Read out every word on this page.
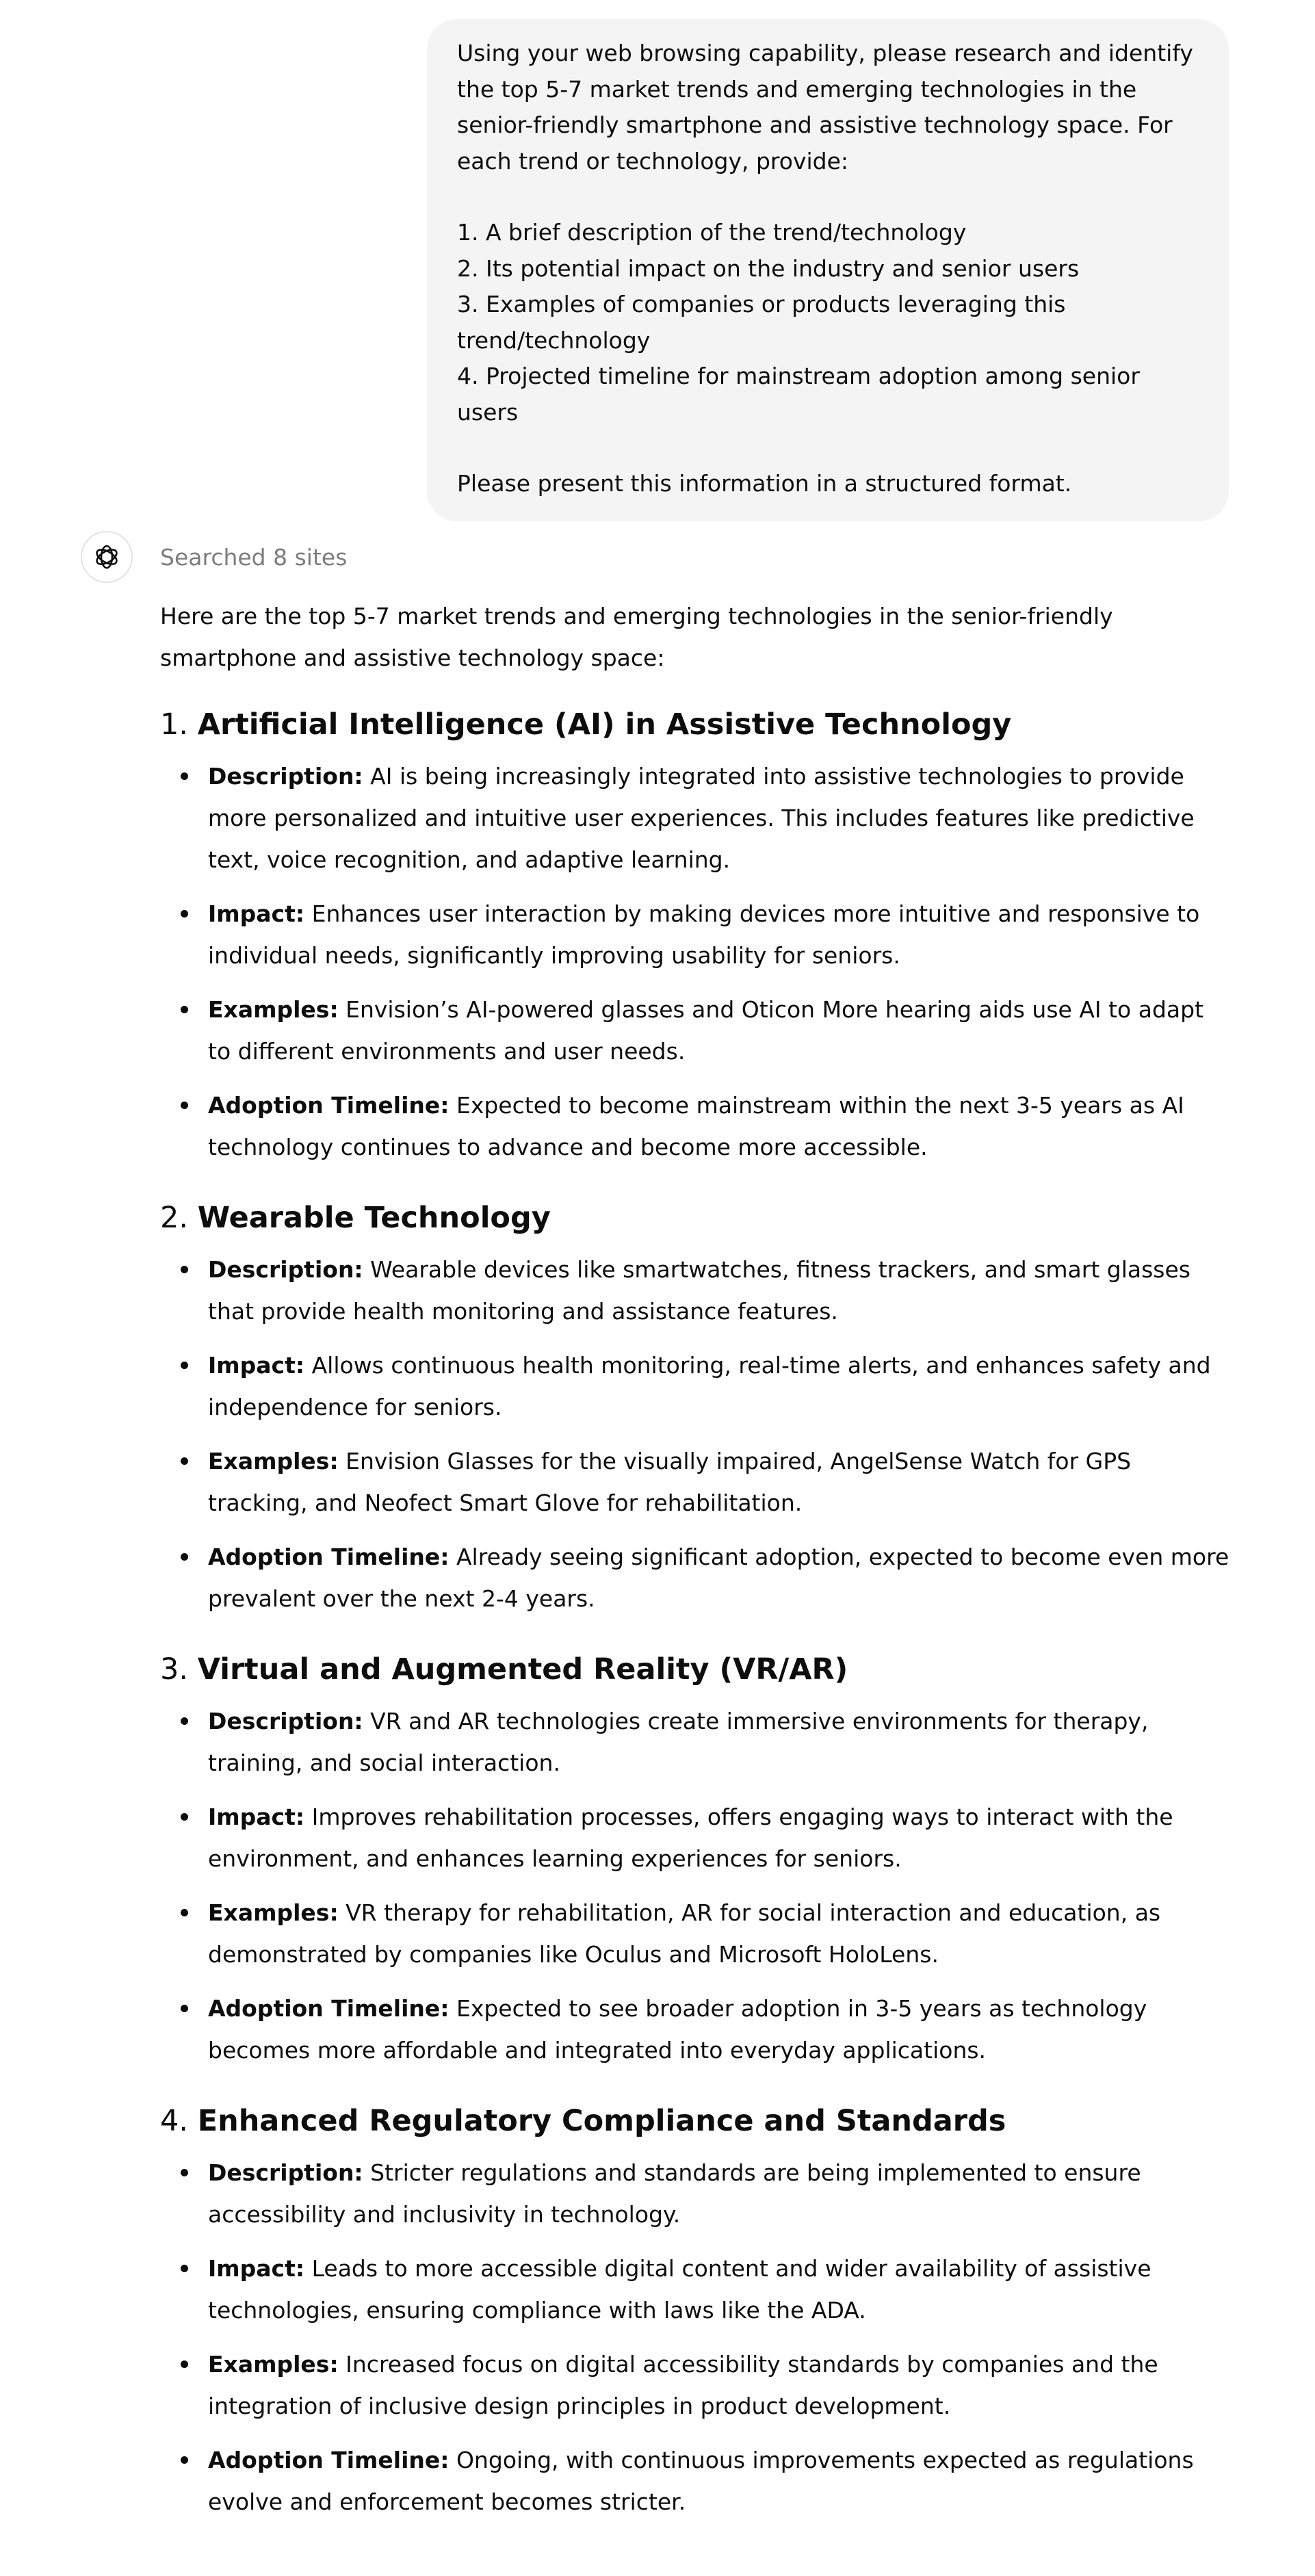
Using your web browsing capability, please research and identify the top 5-7 market trends and emerging technologies in the senior-friendly smartphone and assistive technology space. For each trend or technology, provide:

1. A brief description of the trend/technology

2. Its potential impact on the industry and senior users

3. Examples of companies or products leveraging this trend/technology

4. Projected timeline for mainstream adoption among senior users

Please present this information in a structured format.

Searched 8 sites

Here are the top 5-7 market trends and emerging technologies in the senior-friendly smartphone and assistive technology space:

1. Artificial Intelligence (AI) in Assistive Technology
Description: AI is being increasingly integrated into assistive technologies to provide more personalized and intuitive user experiences. This includes features like predictive text, voice recognition, and adaptive learning.
Impact: Enhances user interaction by making devices more intuitive and responsive to individual needs, significantly improving usability for seniors.
Examples: Envision’s AI-powered glasses and Oticon More hearing aids use AI to adapt to different environments and user needs.
Adoption Timeline: Expected to become mainstream within the next 3-5 years as AI technology continues to advance and become more accessible.
2. Wearable Technology
Description: Wearable devices like smartwatches, fitness trackers, and smart glasses that provide health monitoring and assistance features.
Impact: Allows continuous health monitoring, real-time alerts, and enhances safety and independence for seniors.
Examples: Envision Glasses for the visually impaired, AngelSense Watch for GPS tracking, and Neofect Smart Glove for rehabilitation.
Adoption Timeline: Already seeing significant adoption, expected to become even more prevalent over the next 2-4 years.
3. Virtual and Augmented Reality (VR/AR)
Description: VR and AR technologies create immersive environments for therapy, training, and social interaction.
Impact: Improves rehabilitation processes, offers engaging ways to interact with the environment, and enhances learning experiences for seniors.
Examples: VR therapy for rehabilitation, AR for social interaction and education, as demonstrated by companies like Oculus and Microsoft HoloLens.
Adoption Timeline: Expected to see broader adoption in 3-5 years as technology becomes more affordable and integrated into everyday applications.
4. Enhanced Regulatory Compliance and Standards
Description: Stricter regulations and standards are being implemented to ensure accessibility and inclusivity in technology.
Impact: Leads to more accessible digital content and wider availability of assistive technologies, ensuring compliance with laws like the ADA.
Examples: Increased focus on digital accessibility standards by companies and the integration of inclusive design principles in product development.
Adoption Timeline: Ongoing, with continuous improvements expected as regulations evolve and enforcement becomes stricter.
